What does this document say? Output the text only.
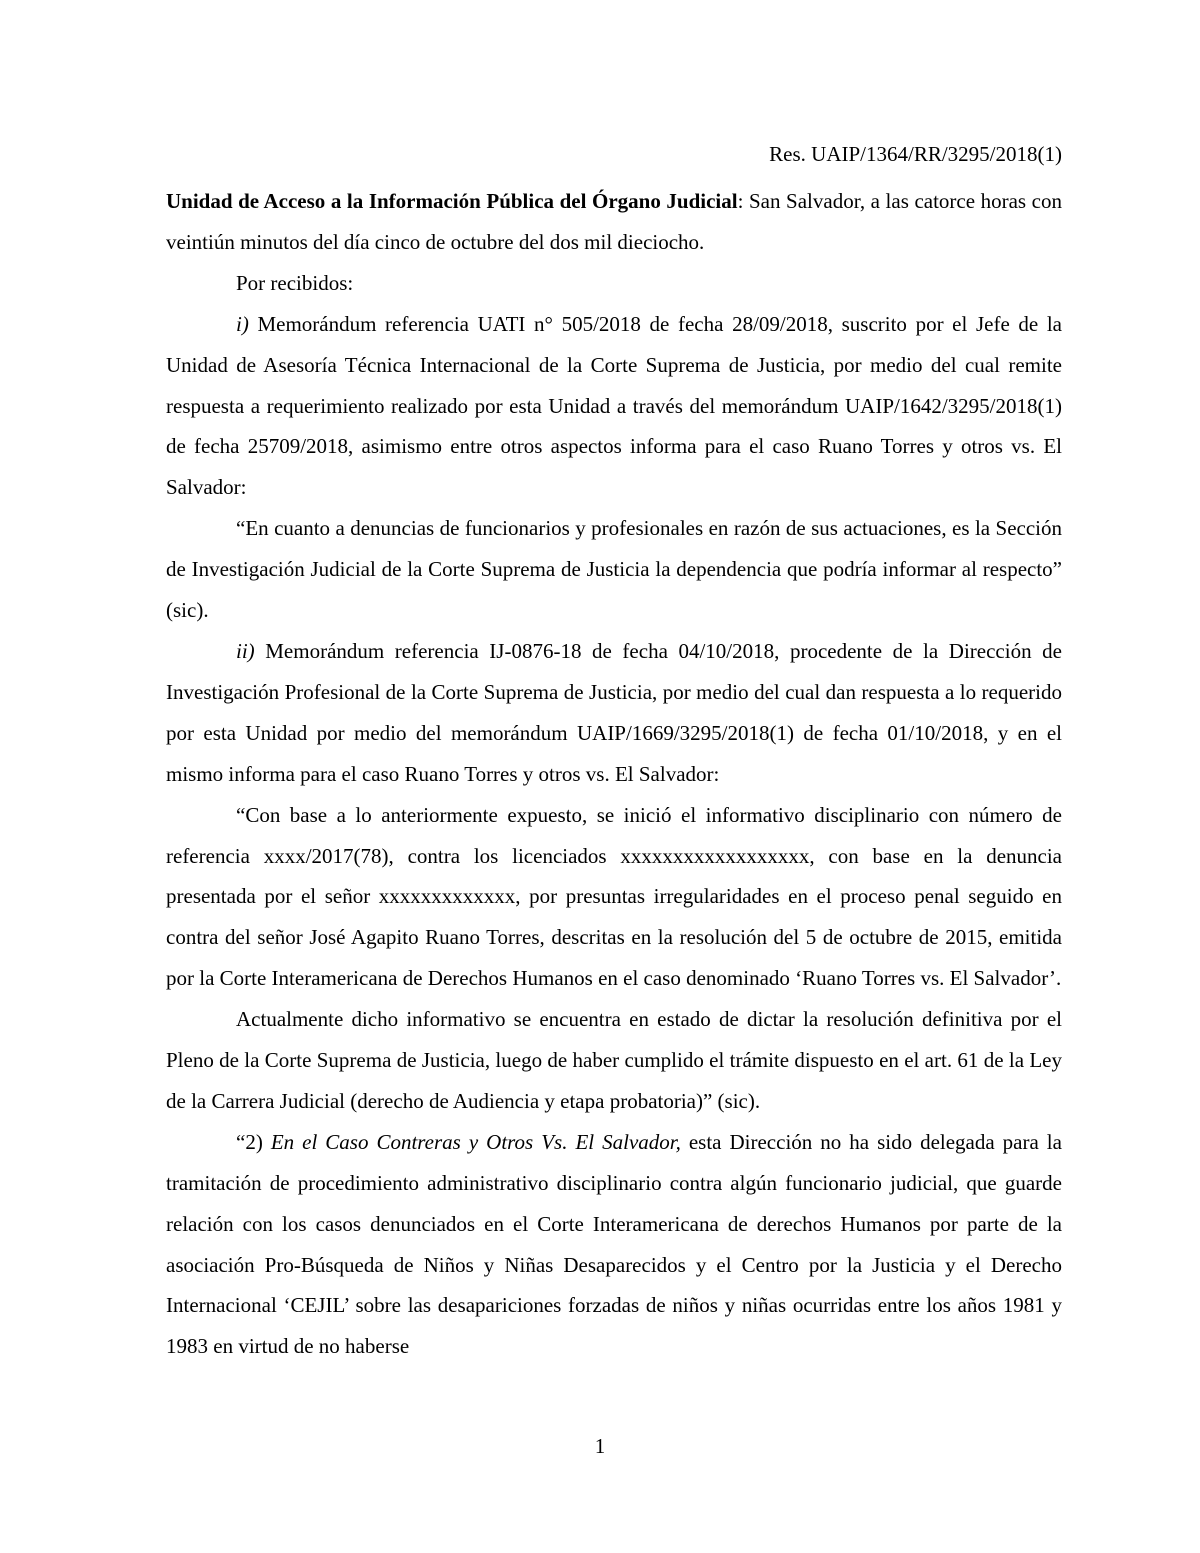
Res. UAIP/1364/RR/3295/2018(1)

Unidad de Acceso a la Información Pública del Órgano Judicial: San Salvador, a las catorce horas con veintiún minutos del día cinco de octubre del dos mil dieciocho.

Por recibidos:

i) Memorándum referencia UATI n° 505/2018 de fecha 28/09/2018, suscrito por el Jefe de la Unidad de Asesoría Técnica Internacional de la Corte Suprema de Justicia, por medio del cual remite respuesta a requerimiento realizado por esta Unidad a través del memorándum UAIP/1642/3295/2018(1) de fecha 25709/2018, asimismo entre otros aspectos informa para el caso Ruano Torres y otros vs. El Salvador:

“En cuanto a denuncias de funcionarios y profesionales en razón de sus actuaciones, es la Sección de Investigación Judicial de la Corte Suprema de Justicia la dependencia que podría informar al respecto” (sic).

ii) Memorándum referencia IJ-0876-18 de fecha 04/10/2018, procedente de la Dirección de Investigación Profesional de la Corte Suprema de Justicia, por medio del cual dan respuesta a lo requerido por esta Unidad por medio del memorándum UAIP/1669/3295/2018(1) de fecha 01/10/2018, y en el mismo informa para el caso Ruano Torres y otros vs. El Salvador:

“Con base a lo anteriormente expuesto, se inició el informativo disciplinario con número de referencia xxxx/2017(78), contra los licenciados xxxxxxxxxxxxxxxxxx, con base en la denuncia presentada por el señor xxxxxxxxxxxxx, por presuntas irregularidades en el proceso penal seguido en contra del señor José Agapito Ruano Torres, descritas en la resolución del 5 de octubre de 2015, emitida por la Corte Interamericana de Derechos Humanos en el caso denominado ‘Ruano Torres vs. El Salvador’.

Actualmente dicho informativo se encuentra en estado de dictar la resolución definitiva por el Pleno de la Corte Suprema de Justicia, luego de haber cumplido el trámite dispuesto en el art. 61 de la Ley de la Carrera Judicial (derecho de Audiencia y etapa probatoria)” (sic).

“2) En el Caso Contreras y Otros Vs. El Salvador, esta Dirección no ha sido delegada para la tramitación de procedimiento administrativo disciplinario contra algún funcionario judicial, que guarde relación con los casos denunciados en el Corte Interamericana de derechos Humanos por parte de la asociación Pro-Búsqueda de Niños y Niñas Desaparecidos y el Centro por la Justicia y el Derecho Internacional ‘CEJIL’ sobre las desapariciones forzadas de niños y niñas ocurridas entre los años 1981 y 1983 en virtud de no haberse

1
